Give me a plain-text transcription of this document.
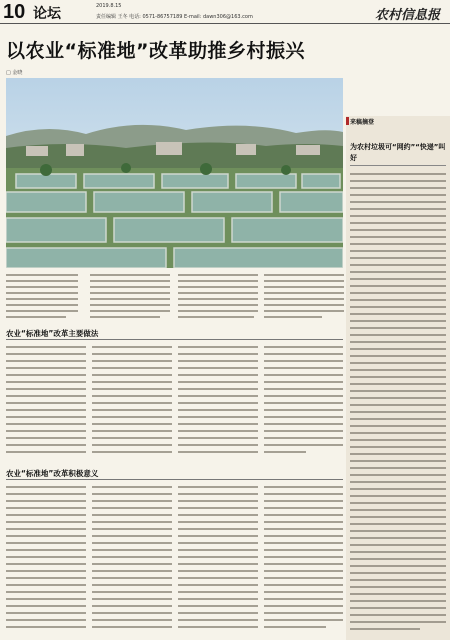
10 论坛	2019.8.15
责任编辑 王冬 电话: 0571-86757189 E-mail: dawn306@163.com	农村信息报
以农业“标准地”改革助推乡村振兴
□ 金晓
农业“标准地”改革主要做法
农业“标准地”改革积极意义
来稿摘登
为农村垃圾可“网约”“快递”叫好
